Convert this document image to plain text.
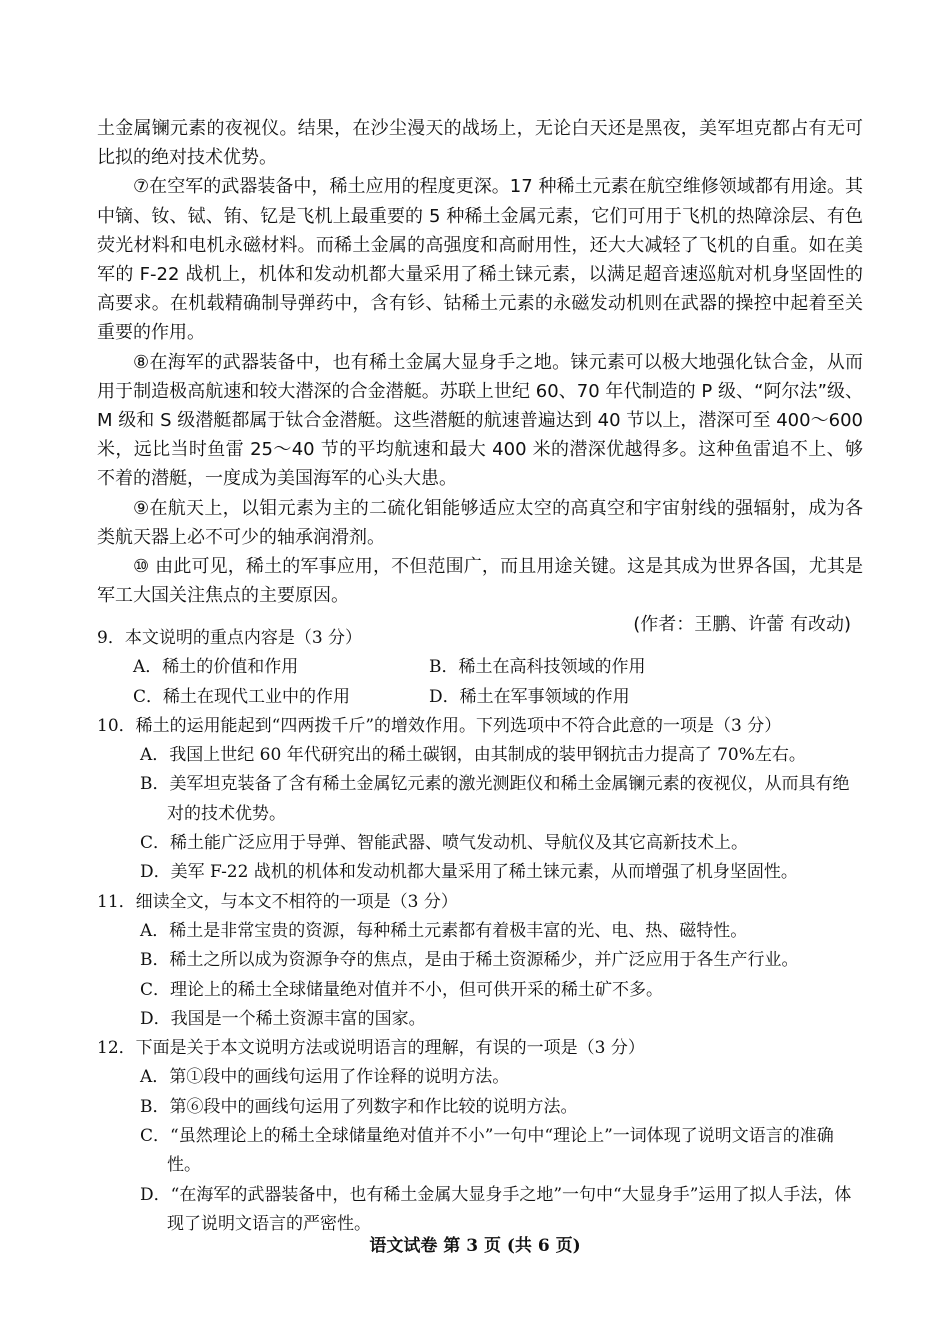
土金属镧元素的夜视仪。结果，在沙尘漫天的战场上，无论白天还是黑夜，美军坦克都占有无可比拟的绝对技术优势。

⑦在空军的武器装备中，稀土应用的程度更深。17 种稀土元素在航空维修领域都有用途。其中镝、钕、铽、铕、钇是飞机上最重要的 5 种稀土金属元素，它们可用于飞机的热障涂层、有色荧光材料和电机永磁材料。而稀土金属的高强度和高耐用性，还大大减轻了飞机的自重。如在美军的 F-22 战机上，机体和发动机都大量采用了稀土铼元素，以满足超音速巡航对机身坚固性的高要求。在机载精确制导弹药中，含有钐、钴稀土元素的永磁发动机则在武器的操控中起着至关重要的作用。

⑧在海军的武器装备中，也有稀土金属大显身手之地。铼元素可以极大地强化钛合金，从而用于制造极高航速和较大潜深的合金潜艇。苏联上世纪 60、70 年代制造的 P 级、“阿尔法”级、M 级和 S 级潜艇都属于钛合金潜艇。这些潜艇的航速普遍达到 40 节以上，潜深可至 400～600 米，远比当时鱼雷 25～40 节的平均航速和最大 400 米的潜深优越得多。这种鱼雷追不上、够不着的潜艇，一度成为美国海军的心头大患。

⑨在航天上，以钼元素为主的二硫化钼能够适应太空的高真空和宇宙射线的强辐射，成为各类航天器上必不可少的轴承润滑剂。

⑩ 由此可见，稀土的军事应用，不但范围广，而且用途关键。这是其成为世界各国，尤其是军工大国关注焦点的主要原因。

(作者：王鹏、许蕾 有改动)

9．本文说明的重点内容是（3 分）

A．稀土的价值和作用	B．稀土在高科技领域的作用
C．稀土在现代工业中的作用	D．稀土在军事领域的作用

10．稀土的运用能起到“四两拨千斤”的增效作用。下列选项中不符合此意的一项是（3 分）

A．我国上世纪 60 年代研究出的稀土碳钢，由其制成的装甲钢抗击力提高了 70%左右。

B．美军坦克装备了含有稀土金属钇元素的激光测距仪和稀土金属镧元素的夜视仪，从而具有绝对的技术优势。

C．稀土能广泛应用于导弹、智能武器、喷气发动机、导航仪及其它高新技术上。

D．美军 F-22 战机的机体和发动机都大量采用了稀土铼元素，从而增强了机身坚固性。

11．细读全文，与本文不相符的一项是（3 分）

A．稀土是非常宝贵的资源，每种稀土元素都有着极丰富的光、电、热、磁特性。

B．稀土之所以成为资源争夺的焦点，是由于稀土资源稀少，并广泛应用于各生产行业。

C．理论上的稀土全球储量绝对值并不小，但可供开采的稀土矿不多。

D．我国是一个稀土资源丰富的国家。

12．下面是关于本文说明方法或说明语言的理解，有误的一项是（3 分）

A．第①段中的画线句运用了作诠释的说明方法。

B．第⑥段中的画线句运用了列数字和作比较的说明方法。

C．“虽然理论上的稀土全球储量绝对值并不小”一句中“理论上”一词体现了说明文语言的准确性。

D．“在海军的武器装备中，也有稀土金属大显身手之地”一句中“大显身手”运用了拟人手法，体现了说明文语言的严密性。

语文试卷 第 3 页 (共 6 页)
